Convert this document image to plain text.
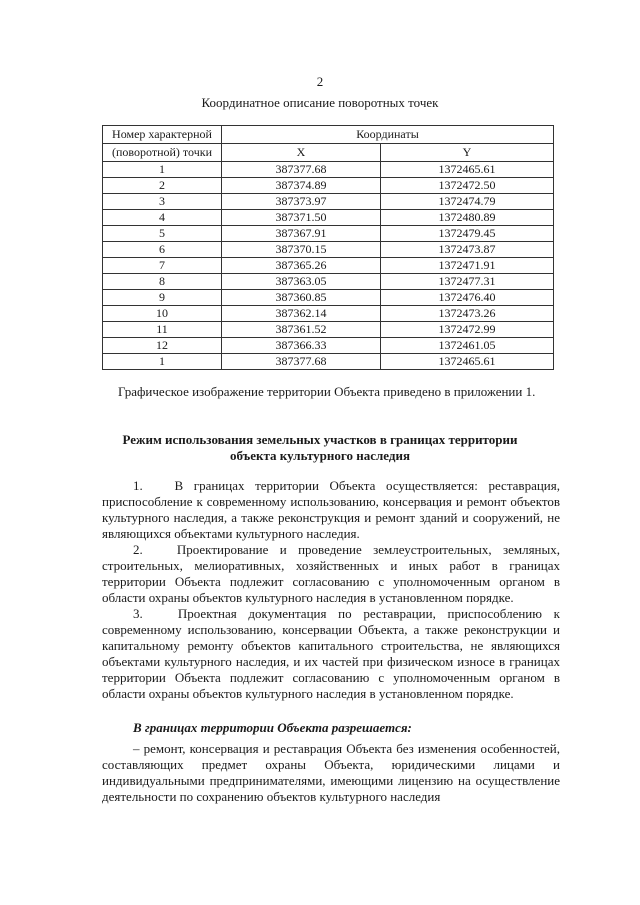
2
Координатное описание поворотных точек
Номер характерной	Координаты	
(поворотной) точки	X	Y
1	387377.68	1372465.61
2	387374.89	1372472.50
3	387373.97	1372474.79
4	387371.50	1372480.89
5	387367.91	1372479.45
6	387370.15	1372473.87
7	387365.26	1372471.91
8	387363.05	1372477.31
9	387360.85	1372476.40
10	387362.14	1372473.26
11	387361.52	1372472.99
12	387366.33	1372461.05
1	387377.68	1372465.61
Графическое изображение территории Объекта приведено в приложении 1.
Режим использования земельных участков в границах территории
объекта культурного наследия

1.   В границах территории Объекта осуществляется: реставрация, приспособление к современному использованию, консервация и ремонт объектов культурного наследия, а также реконструкция и ремонт зданий и сооружений, не являющихся объектами культурного наследия.

2.   Проектирование и проведение землеустроительных, земляных, строительных, мелиоративных, хозяйственных и иных работ в границах территории Объекта подлежит согласованию с уполномоченным органом в области охраны объектов культурного наследия в установленном порядке.

3.   Проектная документация по реставрации, приспособлению к современному использованию, консервации Объекта, а также реконструкции и капитальному ремонту объектов капитального строительства, не являющихся объектами культурного наследия, и их частей при физическом износе в границах территории Объекта подлежит согласованию с уполномоченным органом в области охраны объектов культурного наследия в установленном порядке.

В границах территории Объекта разрешается:

– ремонт, консервация и реставрация Объекта без изменения особенностей, составляющих предмет охраны Объекта, юридическими лицами и индивидуальными предпринимателями, имеющими лицензию на осуществление деятельности по сохранению объектов культурного наследия
